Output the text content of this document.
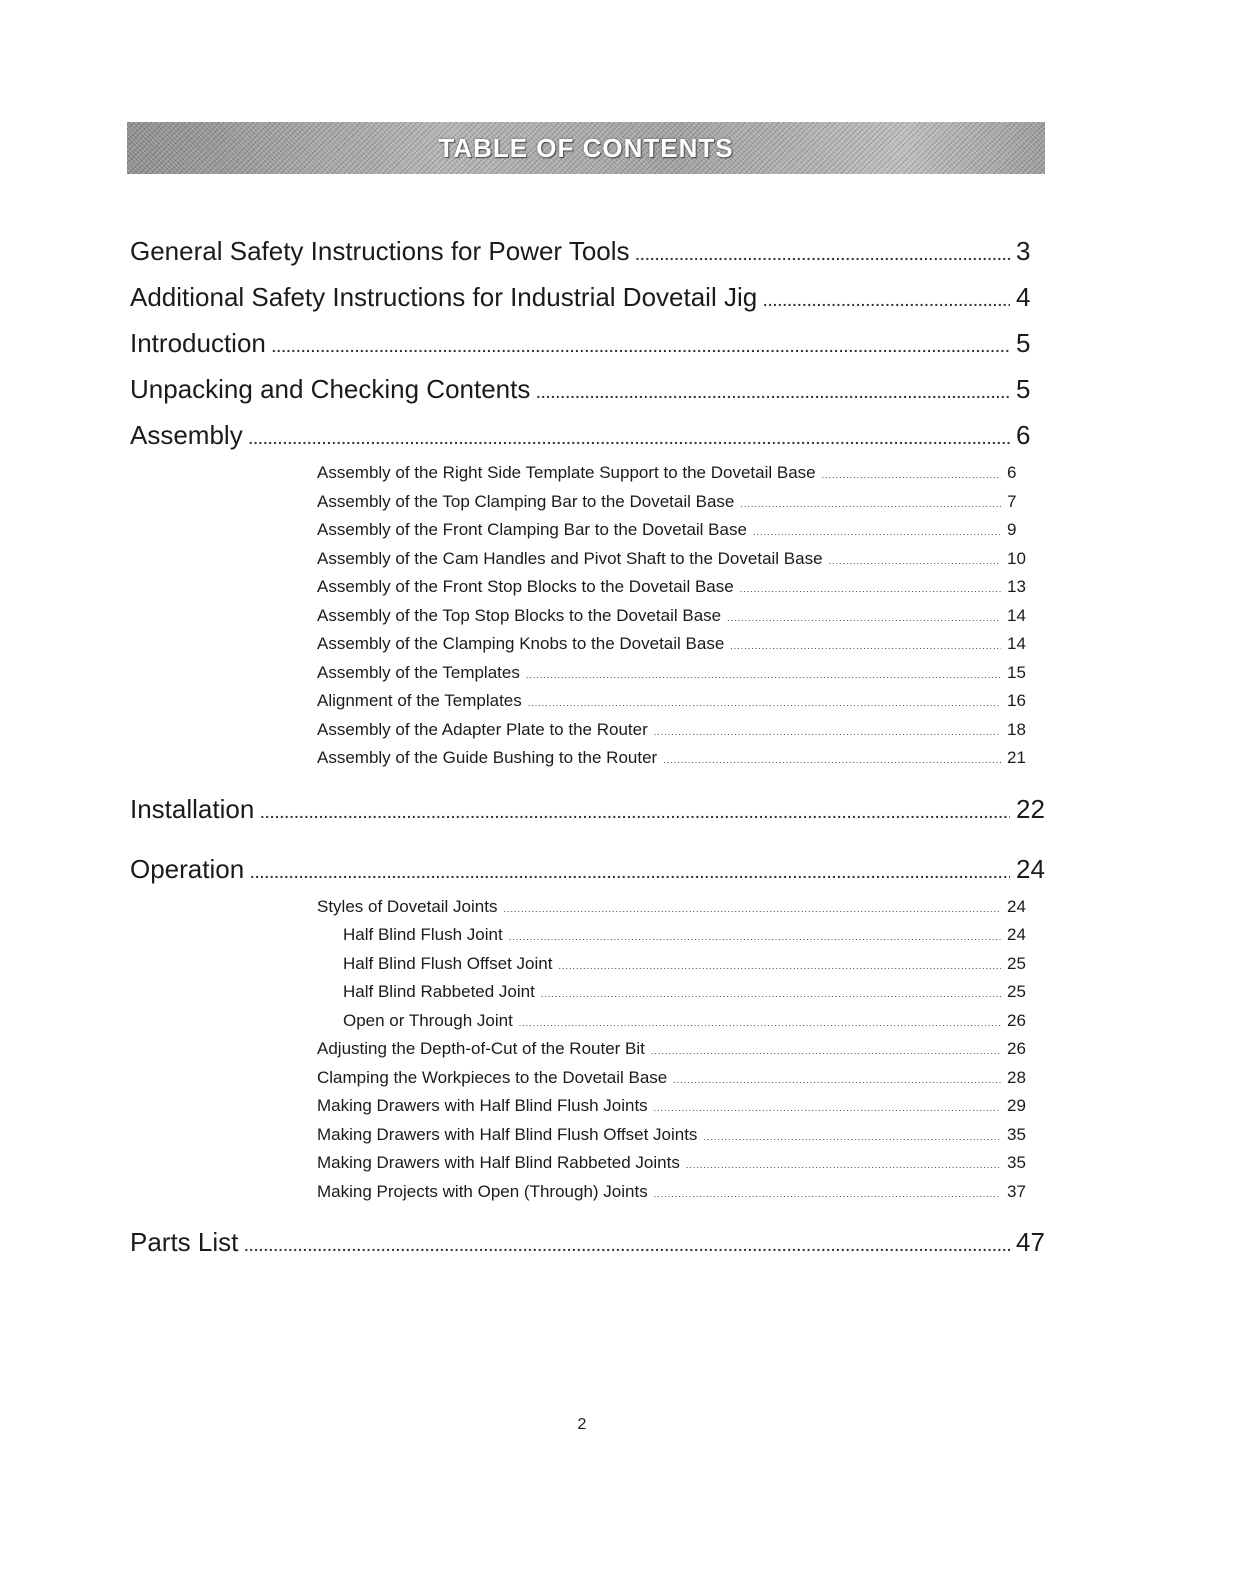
TABLE OF CONTENTS
General Safety Instructions for Power Tools .....	3
Additional Safety Instructions for Industrial Dovetail Jig .....	4
Introduction .....	5
Unpacking and Checking Contents .....	5
Assembly .....	6
Assembly of the Right Side Template Support to the Dovetail Base .....	6
Assembly of the Top Clamping Bar to the Dovetail Base .....	7
Assembly of the Front Clamping Bar to the Dovetail Base .....	9
Assembly of the Cam Handles and Pivot Shaft to the Dovetail Base .....	10
Assembly of the Front Stop Blocks to the Dovetail Base .....	13
Assembly of the Top Stop Blocks to the Dovetail Base .....	14
Assembly of the Clamping Knobs to the Dovetail Base .....	14
Assembly of the Templates .....	15
Alignment of the Templates .....	16
Assembly of the Adapter Plate to the Router .....	18
Assembly of the Guide Bushing to the Router .....	21
Installation .....	22
Operation .....	24
Styles of Dovetail Joints .....	24
Half Blind Flush Joint .....	24
Half Blind Flush Offset Joint .....	25
Half Blind Rabbeted Joint .....	25
Open or Through Joint .....	26
Adjusting the Depth-of-Cut of the Router Bit .....	26
Clamping the Workpieces to the Dovetail Base .....	28
Making Drawers with Half Blind Flush Joints .....	29
Making Drawers with Half Blind Flush Offset Joints .....	35
Making Drawers with Half Blind Rabbeted Joints .....	35
Making Projects with Open (Through) Joints .....	37
Parts List .....	47
2
